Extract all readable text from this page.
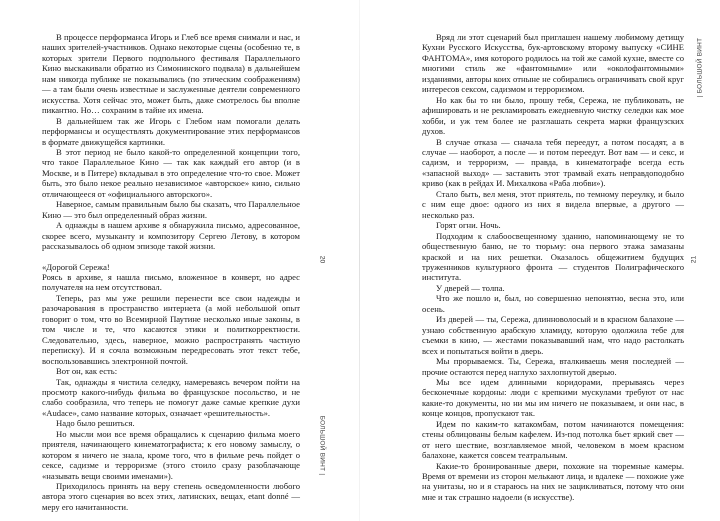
В процессе перформанса Игорь и Глеб все время снимали и нас, и наших зрителей-участников. Однако некоторые сцены (особенно те, в которых зрители Первого подпольного фестиваля Параллельного Кино выскакивали обратно из Симонинского подвала) в дальнейшем нам никогда публике не показывались (по этическим соображениям) — а там были очень известные и заслуженные деятели современного искусства. Хотя сейчас это, может быть, даже смотрелось бы вполне пикантно. Но… сохраним в тайне их имена.

В дальнейшем так же Игорь с Глебом нам помогали делать перформансы и осуществлять документирование этих перформансов в формате движущейся картинки.

В этот период не было какой-то определенной концепции того, что такое Параллельное Кино — так как каждый его автор (и в Москве, и в Питере) вкладывал в это определение что-то свое. Может быть, это было некое реально независимое «авторское» кино, сильно отличающееся от «официального авторского».

Наверное, самым правильным было бы сказать, что Параллельное Кино — это был определенный образ жизни.

А однажды в нашем архиве я обнаружила письмо, адресованное, скорее всего, музыканту и композитору Сергею Летову, в котором рассказывалось об одном эпизоде такой жизни.

«Дорогой Сережа!

Роясь в архиве, я нашла письмо, вложенное в конверт, но адрес получателя на нем отсутствовал.

Теперь, раз мы уже решили перенести все свои надежды и разочарования в пространство интернета (а мой небольшой опыт говорит о том, что во Всемирной Паутине несколько иные законы, в том числе и те, что касаются этики и политкорректности. Следовательно, здесь, наверное, можно распространять частную переписку). И я сочла возможным передресовать этот текст тебе, воспользовавшись электронной почтой.

Вот он, как есть:

Так, однажды я чистила селедку, намереваясь вечером пойти на просмотр какого-нибудь фильма во французское посольство, и не слабо сообразила, что теперь не помогут даже самые крепкие духи «Audace», само название которых, означает «решительность».

Надо было решиться.

Но мысли мои все время обращались к сценарию фильма моего приятеля, начинающего кинематографиста; к его новому замыслу, о котором я ничего не знала, кроме того, что в фильме речь пойдет о сексе, садизме и терроризме (этого стоило сразу разоблачающе «называть вещи своими именами»).

Приходилось принять на веру степень осведомленности любого автора этого сценария во всех этих, латинских, вещах, etant donné — меру его начитанности.

20
БОЛЬШОЙ ВИНТ |

Вряд ли этот сценарий был приглашен нашему любимому детищу Кухни Русского Искусства, бук-артовскому второму выпуску «СИНЕ ФАНТОМА», имя которого родилось на той же самой кухне, вместе со многими стиль же «фантомными» или «околофантомными» изданиями, авторы коих отныне не собирались ограничивать свой круг интересов сексом, садизмом и терроризмом.

Но как бы то ни было, прошу тебя, Сережа, не публиковать, не афишировать и не рекламировать ежедневную чистку селедки как мое хобби, и уж тем более не разглашать секрета марки французских духов.

В случае отказа — сначала тебя переедут, а потом посадят, а в случае — наоборот, а после — и потом переедут. Вот вам — и секс, и садизм, и терроризм, — правда, в кинематографе всегда есть «запасной выход» — заставить этот трамвай ехать неправдоподобно криво (как в рейдах И. Михалкова «Раба любви»).

Стало быть, вел меня, этот приятель, по темному переулку, и было с ним еще двое: одного из них я видела впервые, а другого — несколько раз.

Горят огни. Ночь.

Подходим к слабоосвещенному зданию, напоминающему не то общественную баню, не то тюрьму: она первого этажа замазаны краской и на них решетки. Оказалось общежитием будущих труженников культурного фронта — студентов Полиграфического института.

У дверей — толпа.

Что же пошло и, был, но совершенно непонятно, весна это, или осень.

Из дверей — ты, Сережа, длинноволосый и в красном балахоне — узнаю собственную арабскую хламиду, которую одолжила тебе для съемки в кино, — жестами показывавший нам, что надо растолкать всех и попытаться войти в дверь.

Мы прорываемся. Ты, Сережа, вталкиваешь меня последней — прочие остаются перед наглухо захлопнутой дверью.

Мы все идем длинными коридорами, прерываясь через бесконечные кордоны: люди с крепкими мускулами требуют от нас какие-то документы, но ни мы им ничего не показываем, и они нас, в конце концов, пропускают так.

Идем по каким-то катакомбам, потом начинаются помещения: стены облицованы белым кафелем. Из-под потолка бьет яркий свет — от него шествие, возглавляемое мной, человеком в моем красном балахоне, кажется совсем театральным.

Какие-то бронированные двери, похожие на тюремные камеры. Время от времени из сторон мелькают лица, и вдалеке — похожие уже на унитазы, но и я стараюсь на них не зацикливаться, потому что они мне и так страшно надоели (в искусстве).

21
| БОЛЬШОЙ ВИНТ
